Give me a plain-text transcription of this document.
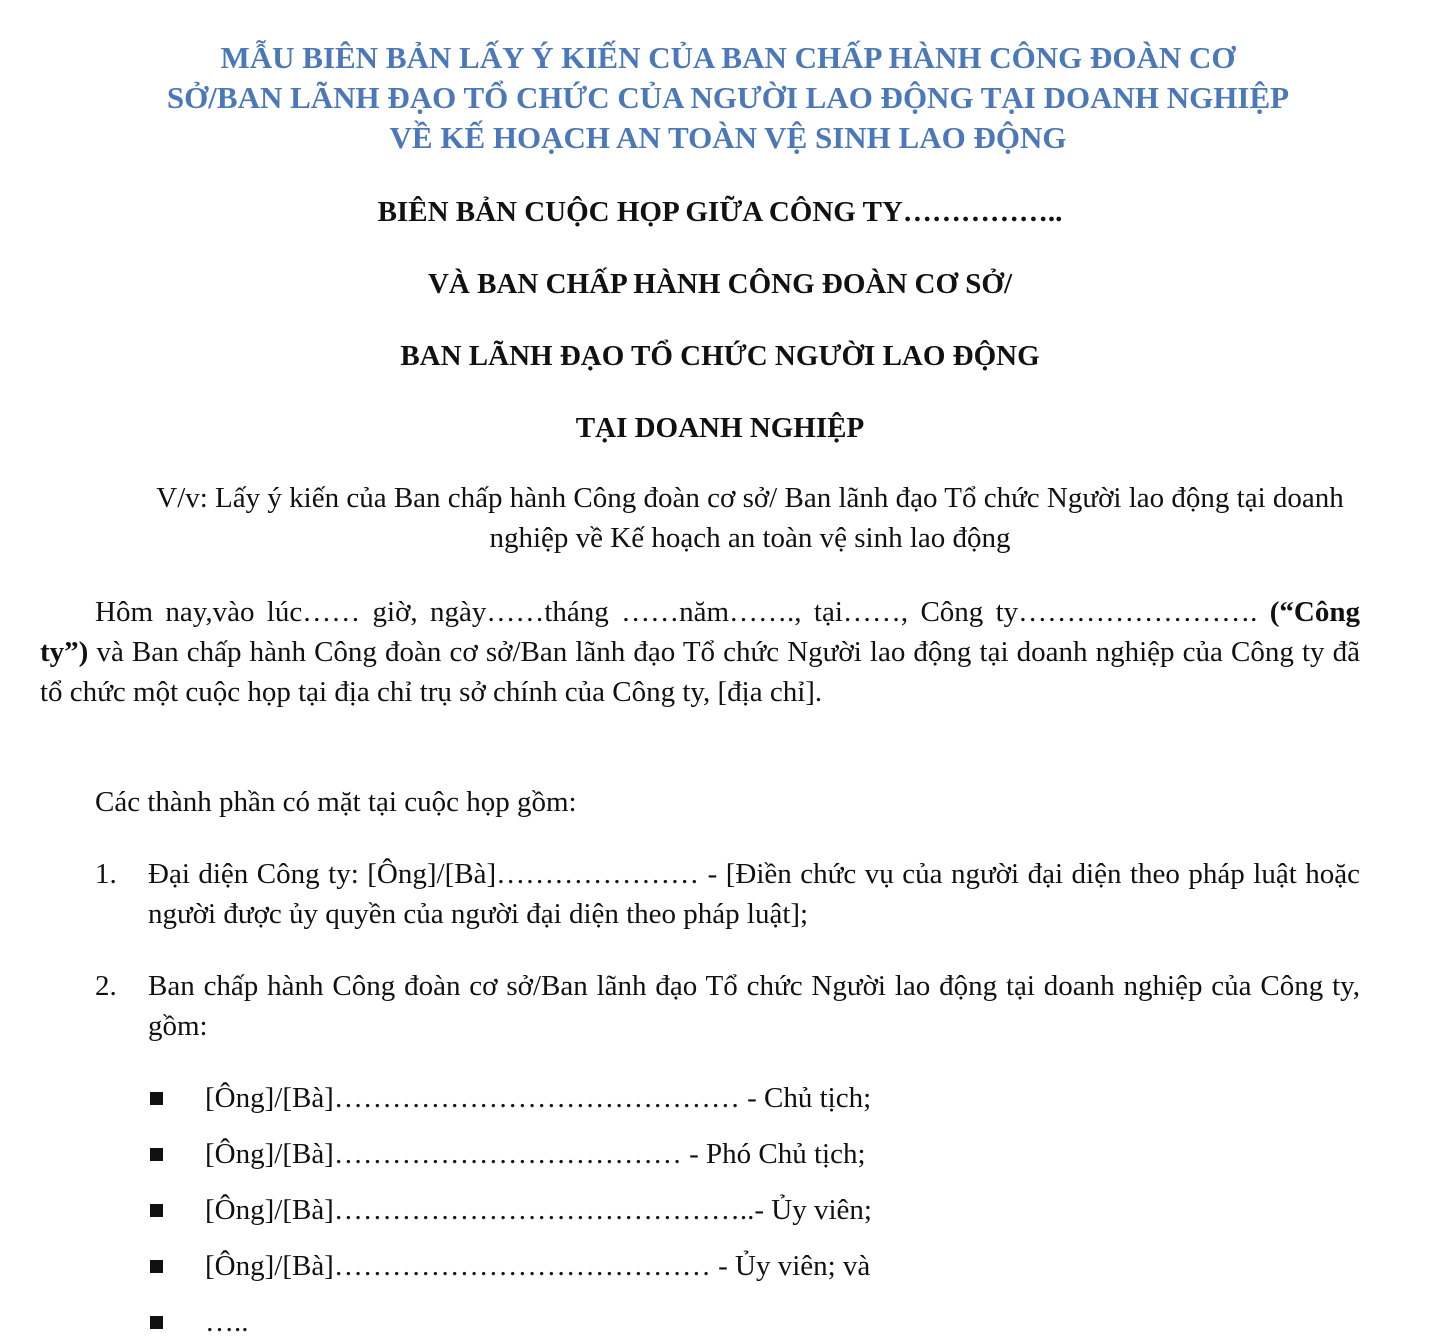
MẪU BIÊN BẢN LẤY Ý KIẾN CỦA BAN CHẤP HÀNH CÔNG ĐOÀN CƠ
SỞ/BAN LÃNH ĐẠO TỔ CHỨC CỦA NGƯỜI LAO ĐỘNG TẠI DOANH NGHIỆP
VỀ KẾ HOẠCH AN TOÀN VỆ SINH LAO ĐỘNG
BIÊN BẢN CUỘC HỌP GIỮA CÔNG TY……………..
VÀ BAN CHẤP HÀNH CÔNG ĐOÀN CƠ SỞ/
BAN LÃNH ĐẠO TỔ CHỨC NGƯỜI LAO ĐỘNG
TẠI DOANH NGHIỆP
V/v: Lấy ý kiến của Ban chấp hành Công đoàn cơ sở/ Ban lãnh đạo Tổ chức Người lao động tại doanh nghiệp về Kế hoạch an toàn vệ sinh lao động
Hôm nay,vào lúc…… giờ, ngày……tháng ……năm……., tại……, Công ty……………………. (“Công ty”) và Ban chấp hành Công đoàn cơ sở/Ban lãnh đạo Tổ chức Người lao động tại doanh nghiệp của Công ty đã tổ chức một cuộc họp tại địa chỉ trụ sở chính của Công ty, [địa chỉ].
Các thành phần có mặt tại cuộc họp gồm:
1. Đại diện Công ty: [Ông]/[Bà]………………… - [Điền chức vụ của người đại diện theo pháp luật hoặc người được ủy quyền của người đại diện theo pháp luật];
2. Ban chấp hành Công đoàn cơ sở/Ban lãnh đạo Tổ chức Người lao động tại doanh nghiệp của Công ty, gồm:
[Ông]/[Bà]…………………………………… - Chủ tịch;
[Ông]/[Bà]……………………………… - Phó Chủ tịch;
[Ông]/[Bà]……………………………………..- Ủy viên;
[Ông]/[Bà]………………………………… - Ủy viên; và
…..
